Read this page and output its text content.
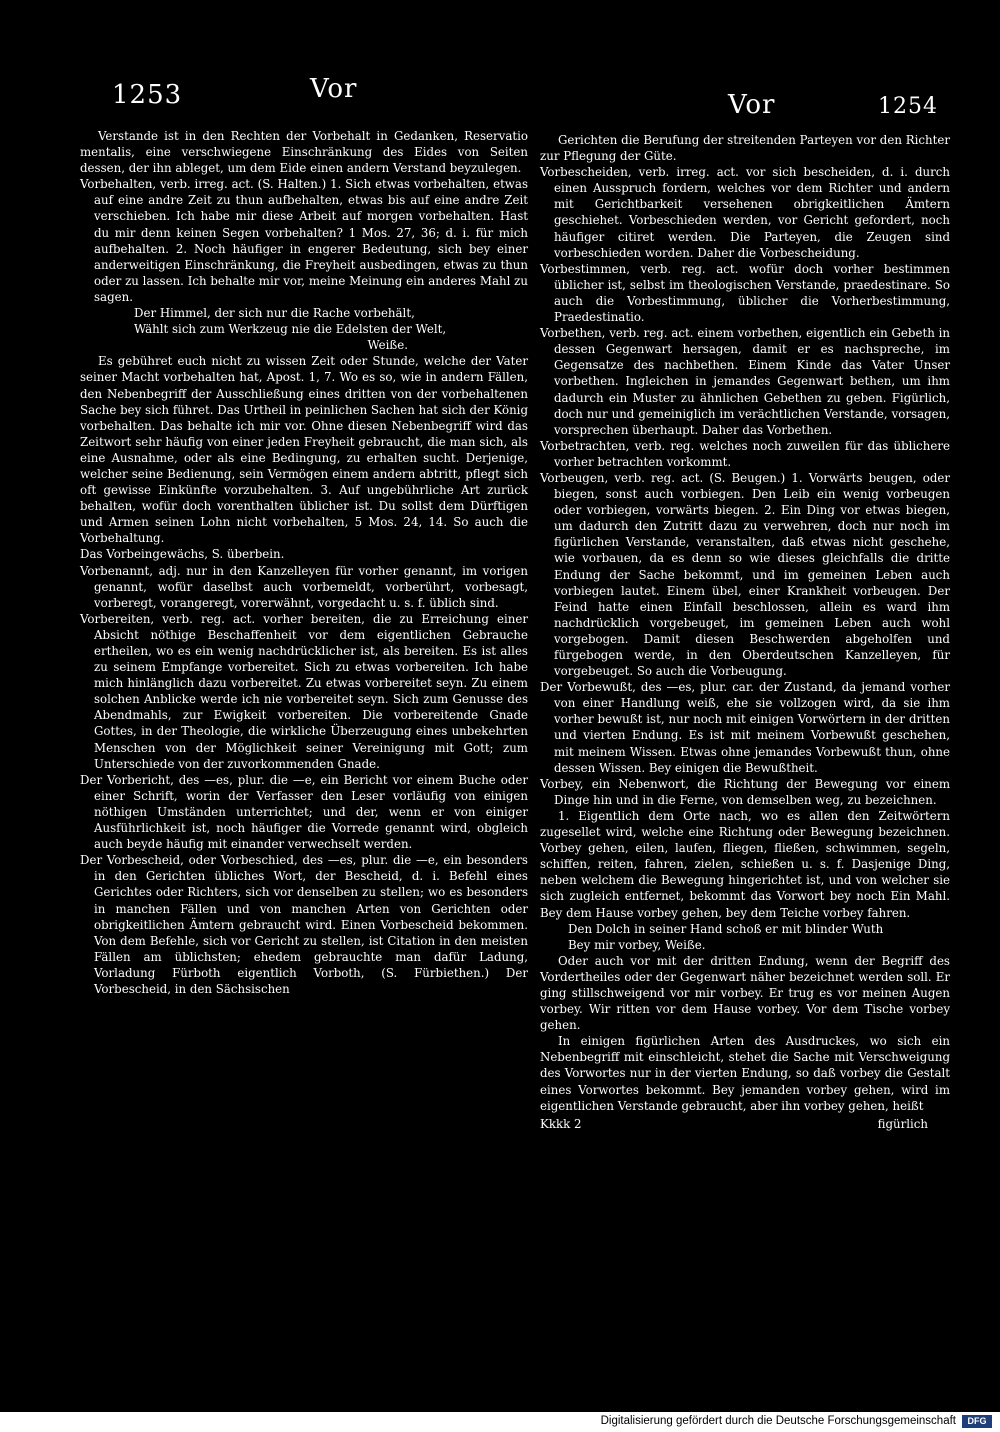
1253	Vor
Vor	1254

Verstande ist in den Rechten der Vorbehalt in Gedanken, Reservatio mentalis, eine verschwiegene Einschränkung des Eides von Seiten dessen, der ihn ableget, um dem Eide einen andern Verstand beyzulegen.

Vorbehalten, verb. irreg. act. (S. Halten.) 1. Sich etwas vorbehalten, etwas auf eine andre Zeit zu thun aufbehalten, etwas bis auf eine andre Zeit verschieben. Ich habe mir diese Arbeit auf morgen vorbehalten. Hast du mir denn keinen Segen vorbehalten? 1 Mos. 27, 36; d. i. für mich aufbehalten. 2. Noch häufiger in engerer Bedeutung, sich bey einer anderweitigen Einschränkung, die Freyheit ausbedingen, etwas zu thun oder zu lassen. Ich behalte mir vor, meine Meinung ein anderes Mahl zu sagen.

Der Himmel, der sich nur die Rache vorbehält,

Wählt sich zum Werkzeug nie die Edelsten der Welt,

Weiße.

Es gebühret euch nicht zu wissen Zeit oder Stunde, welche der Vater seiner Macht vorbehalten hat, Apost. 1, 7. Wo es so, wie in andern Fällen, den Nebenbegriff der Ausschließung eines dritten von der vorbehaltenen Sache bey sich führet. Das Urtheil in peinlichen Sachen hat sich der König vorbehalten. Das behalte ich mir vor. Ohne diesen Nebenbegriff wird das Zeitwort sehr häufig von einer jeden Freyheit gebraucht, die man sich, als eine Ausnahme, oder als eine Bedingung, zu erhalten sucht. Derjenige, welcher seine Bedienung, sein Vermögen einem andern abtritt, pflegt sich oft gewisse Einkünfte vorzubehalten. 3. Auf ungebührliche Art zurück behalten, wofür doch vorenthalten üblicher ist. Du sollst dem Dürftigen und Armen seinen Lohn nicht vorbehalten, 5 Mos. 24, 14. So auch die Vorbehaltung.

Das Vorbeingewächs, S. überbein.

Vorbenannt, adj. nur in den Kanzelleyen für vorher genannt, im vorigen genannt, wofür daselbst auch vorbemeldt, vorberührt, vorbesagt, vorberegt, vorangeregt, vorerwähnt, vorgedacht u. s. f. üblich sind.

Vorbereiten, verb. reg. act. vorher bereiten, die zu Erreichung einer Absicht nöthige Beschaffenheit vor dem eigentlichen Gebrauche ertheilen, wo es ein wenig nachdrücklicher ist, als bereiten. Es ist alles zu seinem Empfange vorbereitet. Sich zu etwas vorbereiten. Ich habe mich hinlänglich dazu vorbereitet. Zu etwas vorbereitet seyn. Zu einem solchen Anblicke werde ich nie vorbereitet seyn. Sich zum Genusse des Abendmahls, zur Ewigkeit vorbereiten. Die vorbereitende Gnade Gottes, in der Theologie, die wirkliche Überzeugung eines unbekehrten Menschen von der Möglichkeit seiner Vereinigung mit Gott; zum Unterschiede von der zuvorkommenden Gnade.

Der Vorbericht, des —es, plur. die —e, ein Bericht vor einem Buche oder einer Schrift, worin der Verfasser den Leser vorläufig von einigen nöthigen Umständen unterrichtet; und der, wenn er von einiger Ausführlichkeit ist, noch häufiger die Vorrede genannt wird, obgleich auch beyde häufig mit einander verwechselt werden.

Der Vorbescheid, oder Vorbeschied, des —es, plur. die —e, ein besonders in den Gerichten übliches Wort, der Bescheid, d. i. Befehl eines Gerichtes oder Richters, sich vor denselben zu stellen; wo es besonders in manchen Fällen und von manchen Arten von Gerichten oder obrigkeitlichen Ämtern gebraucht wird. Einen Vorbescheid bekommen. Von dem Befehle, sich vor Gericht zu stellen, ist Citation in den meisten Fällen am üblichsten; ehedem gebrauchte man dafür Ladung, Vorladung Fürboth eigentlich Vorboth, (S. Fürbiethen.) Der Vorbescheid, in den Sächsischen

Gerichten die Berufung der streitenden Parteyen vor den Richter zur Pflegung der Güte.

Vorbescheiden, verb. irreg. act. vor sich bescheiden, d. i. durch einen Ausspruch fordern, welches vor dem Richter und andern mit Gerichtbarkeit versehenen obrigkeitlichen Ämtern geschiehet. Vorbeschieden werden, vor Gericht gefordert, noch häufiger citiret werden. Die Parteyen, die Zeugen sind vorbeschieden worden. Daher die Vorbescheidung.

Vorbestimmen, verb. reg. act. wofür doch vorher bestimmen üblicher ist, selbst im theologischen Verstande, praedestinare. So auch die Vorbestimmung, üblicher die Vorherbestimmung, Praedestinatio.

Vorbethen, verb. reg. act. einem vorbethen, eigentlich ein Gebeth in dessen Gegenwart hersagen, damit er es nachspreche, im Gegensatze des nachbethen. Einem Kinde das Vater Unser vorbethen. Ingleichen in jemandes Gegenwart bethen, um ihm dadurch ein Muster zu ähnlichen Gebethen zu geben. Figürlich, doch nur und gemeiniglich im verächtlichen Verstande, vorsagen, vorsprechen überhaupt. Daher das Vorbethen.

Vorbetrachten, verb. reg. welches noch zuweilen für das üblichere vorher betrachten vorkommt.

Vorbeugen, verb. reg. act. (S. Beugen.) 1. Vorwärts beugen, oder biegen, sonst auch vorbiegen. Den Leib ein wenig vorbeugen oder vorbiegen, vorwärts biegen. 2. Ein Ding vor etwas biegen, um dadurch den Zutritt dazu zu verwehren, doch nur noch im figürlichen Verstande, veranstalten, daß etwas nicht geschehe, wie vorbauen, da es denn so wie dieses gleichfalls die dritte Endung der Sache bekommt, und im gemeinen Leben auch vorbiegen lautet. Einem übel, einer Krankheit vorbeugen. Der Feind hatte einen Einfall beschlossen, allein es ward ihm nachdrücklich vorgebeuget, im gemeinen Leben auch wohl vorgebogen. Damit diesen Beschwerden abgeholfen und fürgebogen werde, in den Oberdeutschen Kanzelleyen, für vorgebeuget. So auch die Vorbeugung.

Der Vorbewußt, des —es, plur. car. der Zustand, da jemand vorher von einer Handlung weiß, ehe sie vollzogen wird, da sie ihm vorher bewußt ist, nur noch mit einigen Vorwörtern in der dritten und vierten Endung. Es ist mit meinem Vorbewußt geschehen, mit meinem Wissen. Etwas ohne jemandes Vorbewußt thun, ohne dessen Wissen. Bey einigen die Bewußtheit.

Vorbey, ein Nebenwort, die Richtung der Bewegung vor einem Dinge hin und in die Ferne, von demselben weg, zu bezeichnen.

1. Eigentlich dem Orte nach, wo es allen den Zeitwörtern zugesellet wird, welche eine Richtung oder Bewegung bezeichnen. Vorbey gehen, eilen, laufen, fliegen, fließen, schwimmen, segeln, schiffen, reiten, fahren, zielen, schießen u. s. f. Dasjenige Ding, neben welchem die Bewegung hingerichtet ist, und von welcher sie sich zugleich entfernet, bekommt das Vorwort bey noch Ein Mahl. Bey dem Hause vorbey gehen, bey dem Teiche vorbey fahren.

Den Dolch in seiner Hand schoß er mit blinder Wuth

Bey mir vorbey, Weiße.

Oder auch vor mit der dritten Endung, wenn der Begriff des Vordertheiles oder der Gegenwart näher bezeichnet werden soll. Er ging stillschweigend vor mir vorbey. Er trug es vor meinen Augen vorbey. Wir ritten vor dem Hause vorbey. Vor dem Tische vorbey gehen.

In einigen figürlichen Arten des Ausdruckes, wo sich ein Nebenbegriff mit einschleicht, stehet die Sache mit Verschweigung des Vorwortes nur in der vierten Endung, so daß vorbey die Gestalt eines Vorwortes bekommt. Bey jemanden vorbey gehen, wird im eigentlichen Verstande gebraucht, aber ihn vorbey gehen, heißt

Kkkk 2	figürlich
Digitalisierung gefördert durch die Deutsche Forschungsgemeinschaft	DFG
